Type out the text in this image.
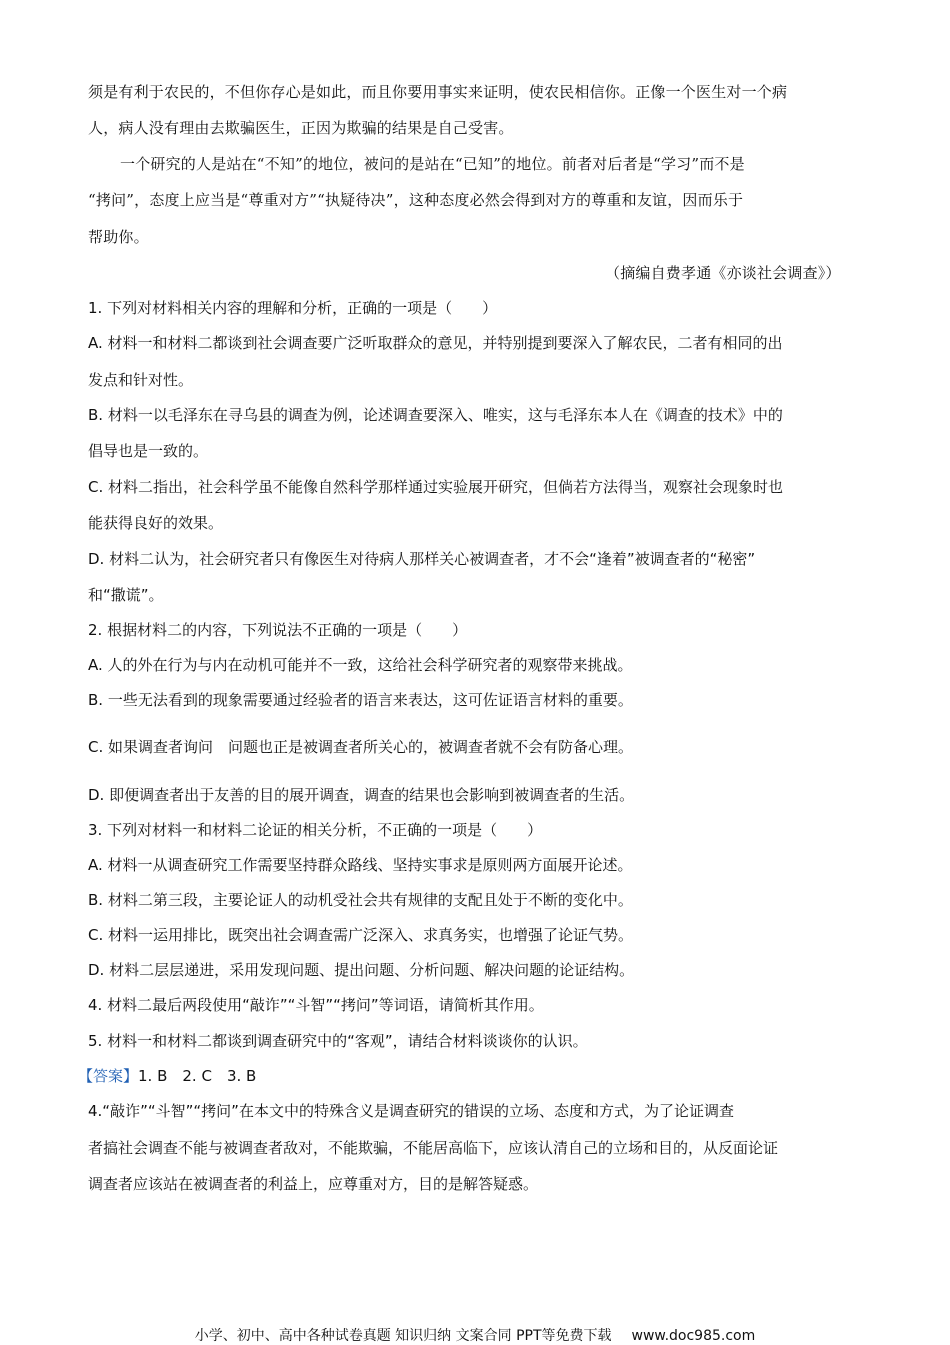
须是有利于农民的，不但你存心是如此，而且你要用事实来证明，使农民相信你。正像一个医生对一个病
人，病人没有理由去欺骗医生，正因为欺骗的结果是自己受害。
一个研究的人是站在“不知”的地位，被问的是站在“已知”的地位。前者对后者是“学习”而不是
“拷问”，态度上应当是“尊重对方”“执疑待决”，这种态度必然会得到对方的尊重和友谊，因而乐于
帮助你。
（摘编自费孝通《亦谈社会调查》）
1. 下列对材料相关内容的理解和分析，正确的一项是（　　）
A. 材料一和材料二都谈到社会调查要广泛听取群众的意见，并特别提到要深入了解农民，二者有相同的出
发点和针对性。
B. 材料一以毛泽东在寻乌县的调查为例，论述调查要深入、唯实，这与毛泽东本人在《调查的技术》中的
倡导也是一致的。
C. 材料二指出，社会科学虽不能像自然科学那样通过实验展开研究，但倘若方法得当，观察社会现象时也
能获得良好的效果。
D. 材料二认为，社会研究者只有像医生对待病人那样关心被调查者，才不会“逢着”被调查者的“秘密”
和“撒谎”。
2. 根据材料二的内容，下列说法不正确的一项是（　　）
A. 人的外在行为与内在动机可能并不一致，这给社会科学研究者的观察带来挑战。
B. 一些无法看到的现象需要通过经验者的语言来表达，这可佐证语言材料的重要。
C. 如果调查者询问　问题也正是被调查者所关心的，被调查者就不会有防备心理。
D. 即便调查者出于友善的目的展开调查，调查的结果也会影响到被调查者的生活。
3. 下列对材料一和材料二论证的相关分析，不正确的一项是（　　）
A. 材料一从调查研究工作需要坚持群众路线、坚持实事求是原则两方面展开论述。
B. 材料二第三段，主要论证人的动机受社会共有规律的支配且处于不断的变化中。
C. 材料一运用排比，既突出社会调查需广泛深入、求真务实，也增强了论证气势。
D. 材料二层层递进，采用发现问题、提出问题、分析问题、解决问题的论证结构。
4. 材料二最后两段使用“敲诈”“斗智”“拷问”等词语，请简析其作用。
5. 材料一和材料二都谈到调查研究中的“客观”，请结合材料谈谈你的认识。
【答案】1. B　2. C　3. B
4.“敲诈”“斗智”“拷问”在本文中的特殊含义是调查研究的错误的立场、态度和方式，为了论证调查
者搞社会调查不能与被调查者敌对，不能欺骗，不能居高临下，应该认清自己的立场和目的，从反面论证
调查者应该站在被调查者的利益上，应尊重对方，目的是解答疑惑。
小学、初中、高中各种试卷真题 知识归纳 文案合同 PPT等免费下载 www.doc985.com
